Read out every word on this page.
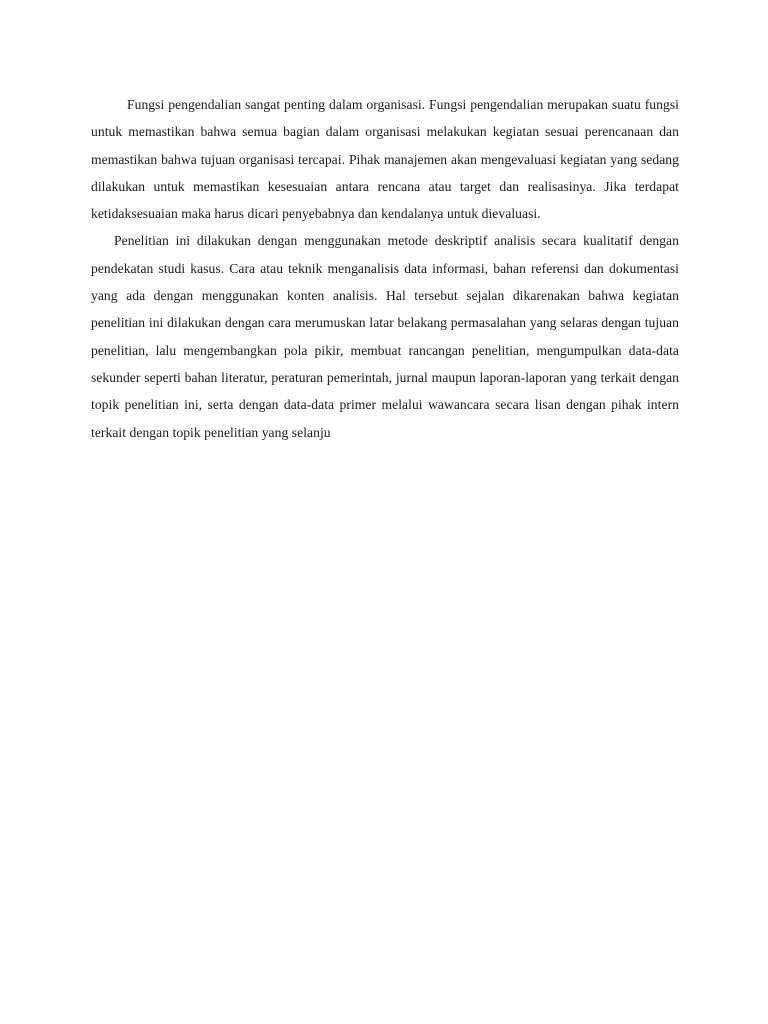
Fungsi pengendalian sangat penting dalam organisasi. Fungsi pengendalian merupakan suatu fungsi untuk memastikan bahwa semua bagian dalam organisasi melakukan kegiatan sesuai perencanaan dan memastikan bahwa tujuan organisasi tercapai. Pihak manajemen akan mengevaluasi kegiatan yang sedang dilakukan untuk memastikan kesesuaian antara rencana atau target dan realisasinya. Jika terdapat ketidaksesuaian maka harus dicari penyebabnya dan kendalanya untuk dievaluasi.

Penelitian ini dilakukan dengan menggunakan metode deskriptif analisis secara kualitatif dengan pendekatan studi kasus. Cara atau teknik menganalisis data informasi, bahan referensi dan dokumentasi yang ada dengan menggunakan konten analisis. Hal tersebut sejalan dikarenakan bahwa kegiatan penelitian ini dilakukan dengan cara merumuskan latar belakang permasalahan yang selaras dengan tujuan penelitian, lalu mengembangkan pola pikir, membuat rancangan penelitian, mengumpulkan data-data sekunder seperti bahan literatur, peraturan pemerintah, jurnal maupun laporan-laporan yang terkait dengan topik penelitian ini, serta dengan data-data primer melalui wawancara secara lisan dengan pihak intern terkait dengan topik penelitian yang selanju
